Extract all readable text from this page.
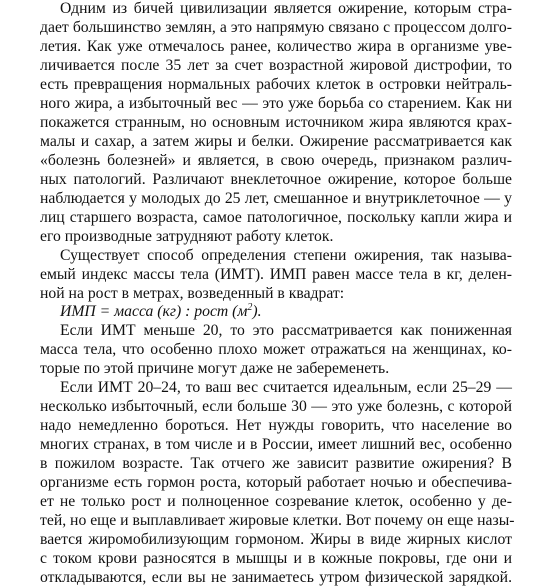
Одним из бичей цивилизации является ожирение, которым стра-
дает большинство землян, а это напрямую связано с процессом долго-
летия. Как уже отмечалось ранее, количество жира в организме уве-
личивается после 35 лет за счет возрастной жировой дистрофии, то
есть превращения нормальных рабочих клеток в островки нейтраль-
ного жира, а избыточный вес — это уже борьба со старением. Как ни
покажется странным, но основным источником жира являются крах-
малы и сахар, а затем жиры и белки. Ожирение рассматривается как
«болезнь болезней» и является, в свою очередь, признаком различ-
ных патологий. Различают внеклеточное ожирение, которое больше
наблюдается у молодых до 25 лет, смешанное и внутриклеточное — у
лиц старшего возраста, самое патологичное, поскольку капли жира и
его производные затрудняют работу клеток.
Существует способ определения степени ожирения, так называ-
емый индекс массы тела (ИМТ). ИМП равен массе тела в кг, делен-
ной на рост в метрах, возведенный в квадрат:
ИМП = масса (кг) : рост $(м^2)$.
Если ИМТ меньше 20, то это рассматривается как пониженная
масса тела, что особенно плохо может отражаться на женщинах, ко-
торые по этой причине могут даже не забеременеть.
Если ИМТ 20–24, то ваш вес считается идеальным, если 25–29 —
несколько избыточный, если больше 30 — это уже болезнь, с которой
надо немедленно бороться. Нет нужды говорить, что население во
многих странах, в том числе и в России, имеет лишний вес, особенно
в пожилом возрасте. Так отчего же зависит развитие ожирения? В
организме есть гормон роста, который работает ночью и обеспечива-
ет не только рост и полноценное созревание клеток, особенно у де-
тей, но еще и выплавливает жировые клетки. Вот почему он еще назы-
вается жиромобилизующим гормоном. Жиры в виде жирных кислот
с током крови разносятся в мышцы и в кожные покровы, где они и
откладываются, если вы не занимаетесь утром физической зарядкой.
